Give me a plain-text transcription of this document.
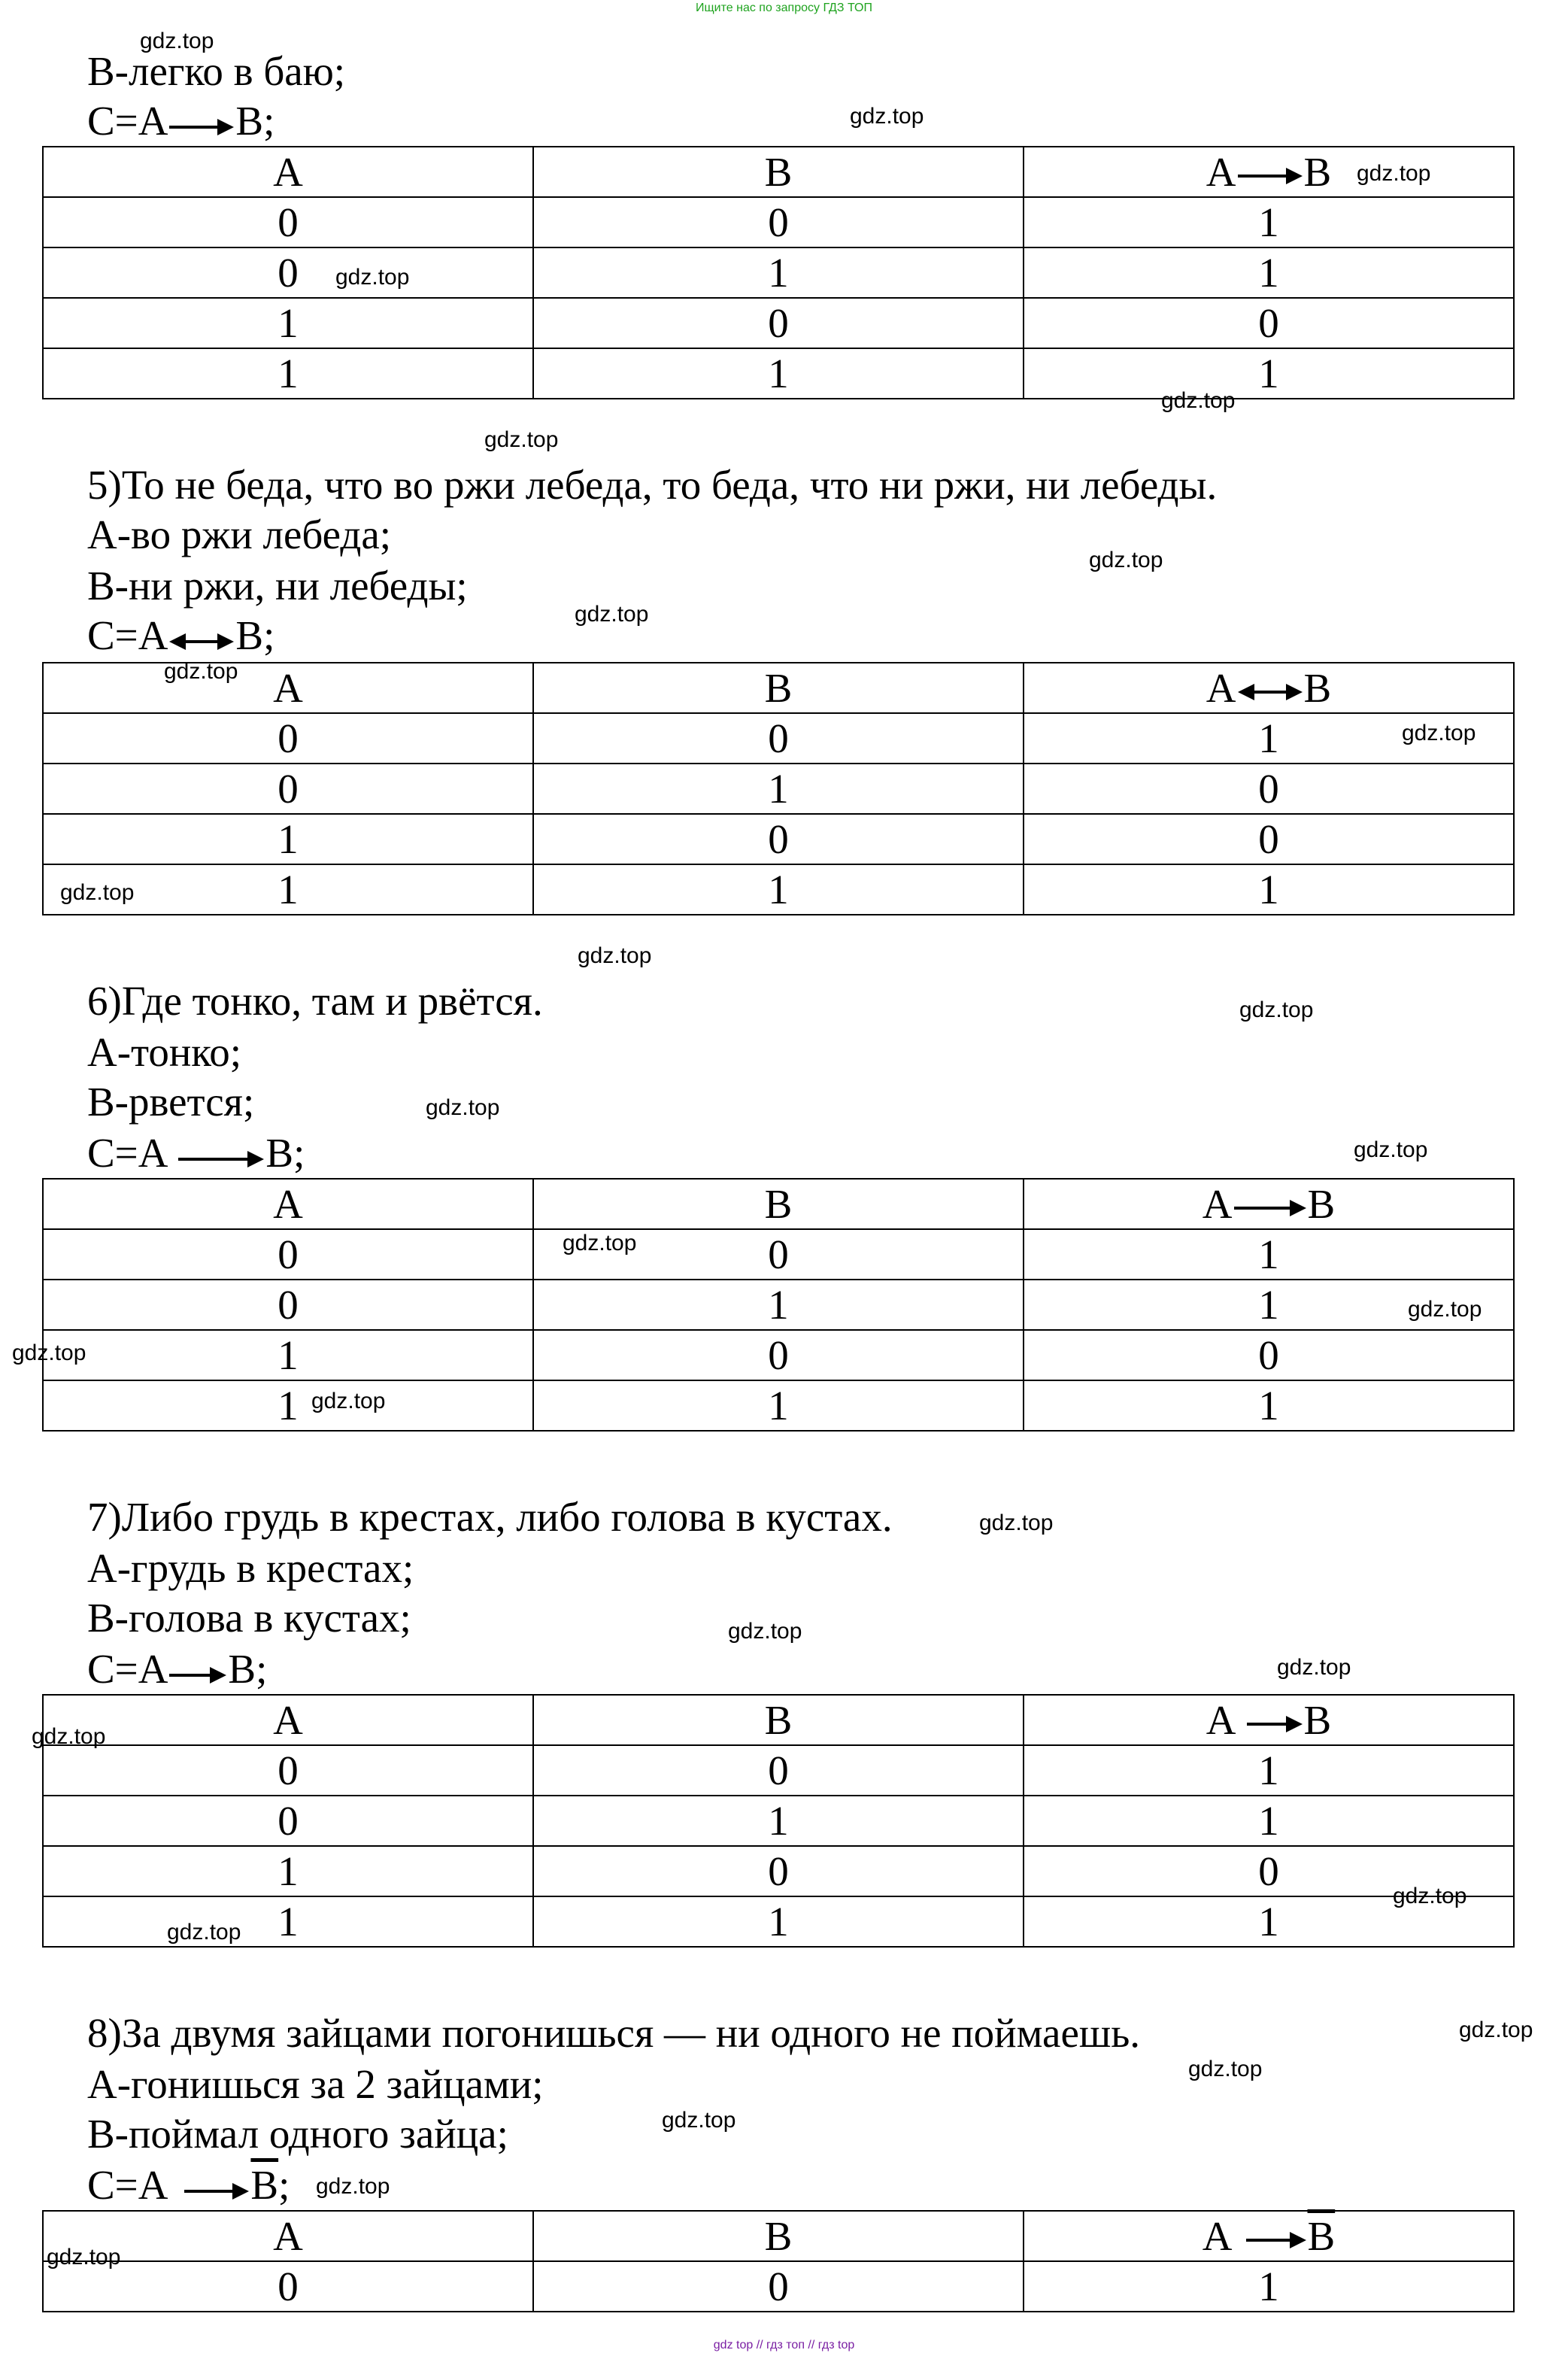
Ищите нас по запросу ГДЗ ТОП
В-легко в баю;
С=А В;
А	В	А В
0	0	1
0	1	1
1	0	0
1	1	1
5)То не беда, что во ржи лебеда, то беда, что ни ржи, ни лебеды.
А-во ржи лебеда;
В-ни ржи, ни лебеды;
С=А В;
А	В	А В
0	0	1
0	1	0
1	0	0
1	1	1
6)Где тонко, там и рвётся.
А-тонко;
В-рвется;
С=А В;
А	В	А В
0	0	1
0	1	1
1	0	0
1	1	1
7)Либо грудь в крестах, либо голова в кустах.
А-грудь в крестах;
В-голова в кустах;
С=А В;
А	В	А В
0	0	1
0	1	1
1	0	0
1	1	1
8)За двумя зайцами погонишься — ни одного не поймаешь.
А-гонишься за 2 зайцами;
В-поймал одного зайца;
С=А В;
А	В	А В
0	0	1
gdz.top
gdz.top
gdz.top
gdz.top
gdz.top
gdz.top
gdz.top
gdz.top
gdz.top
gdz.top
gdz.top
gdz.top
gdz.top
gdz.top
gdz.top
gdz.top
gdz.top
gdz.top
gdz.top
gdz.top
gdz.top
gdz.top
gdz.top
gdz.top
gdz.top
gdz.top
gdz.top
gdz.top
gdz.top
gdz.top
gdz top // гдз топ // гдз top
